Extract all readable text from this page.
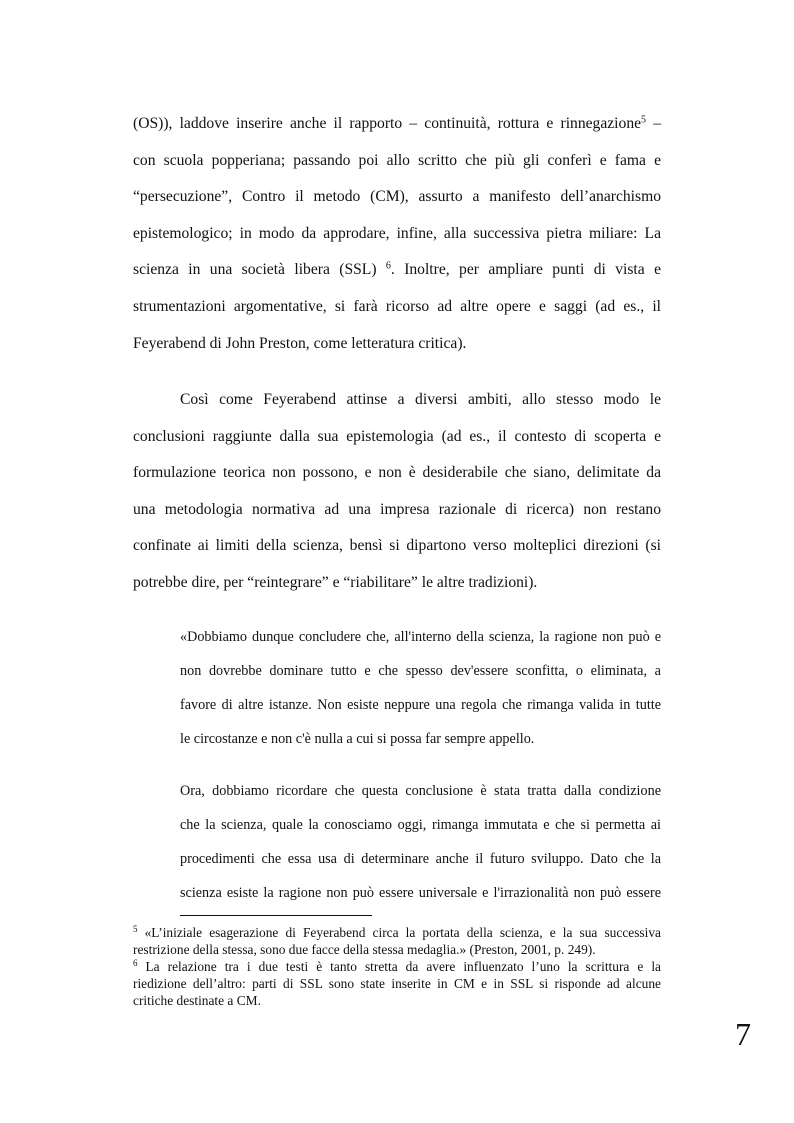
(OS)), laddove inserire anche il rapporto – continuità, rottura e rinnegazione$^5$ –
con scuola popperiana; passando poi allo scritto che più gli conferì e fama e
“persecuzione”, Contro il metodo (CM), assurto a manifesto dell’anarchismo
epistemologico; in modo da approdare, infine, alla successiva pietra miliare: La
scienza in una società libera (SSL) $^6$. Inoltre, per ampliare punti di vista e
strumentazioni argomentative, si farà ricorso ad altre opere e saggi (ad es., il
Feyerabend di John Preston, come letteratura critica).
Così come Feyerabend attinse a diversi ambiti, allo stesso modo le
conclusioni raggiunte dalla sua epistemologia (ad es., il contesto di scoperta e
formulazione teorica non possono, e non è desiderabile che siano, delimitate da
una metodologia normativa ad una impresa razionale di ricerca) non restano
confinate ai limiti della scienza, bensì si dipartono verso molteplici direzioni (si
potrebbe dire, per “reintegrare” e “riabilitare” le altre tradizioni).
«Dobbiamo dunque concludere che, all'interno della scienza, la ragione non può e
non dovrebbe dominare tutto e che spesso dev'essere sconfitta, o eliminata, a
favore di altre istanze. Non esiste neppure una regola che rimanga valida in tutte
le circostanze e non c'è nulla a cui si possa far sempre appello.
Ora, dobbiamo ricordare che questa conclusione è stata tratta dalla condizione
che la scienza, quale la conosciamo oggi, rimanga immutata e che si permetta ai
procedimenti che essa usa di determinare anche il futuro sviluppo. Dato che la
scienza esiste la ragione non può essere universale e l'irrazionalità non può essere
$^5$ «L’iniziale esagerazione di Feyerabend circa la portata della scienza, e la sua successiva
restrizione della stessa, sono due facce della stessa medaglia.» (Preston, 2001, p. 249).
$^6$ La relazione tra i due testi è tanto stretta da avere influenzato l’uno la scrittura e la
riedizione dell’altro: parti di SSL sono state inserite in CM e in SSL si risponde ad alcune
critiche destinate a CM.
7
